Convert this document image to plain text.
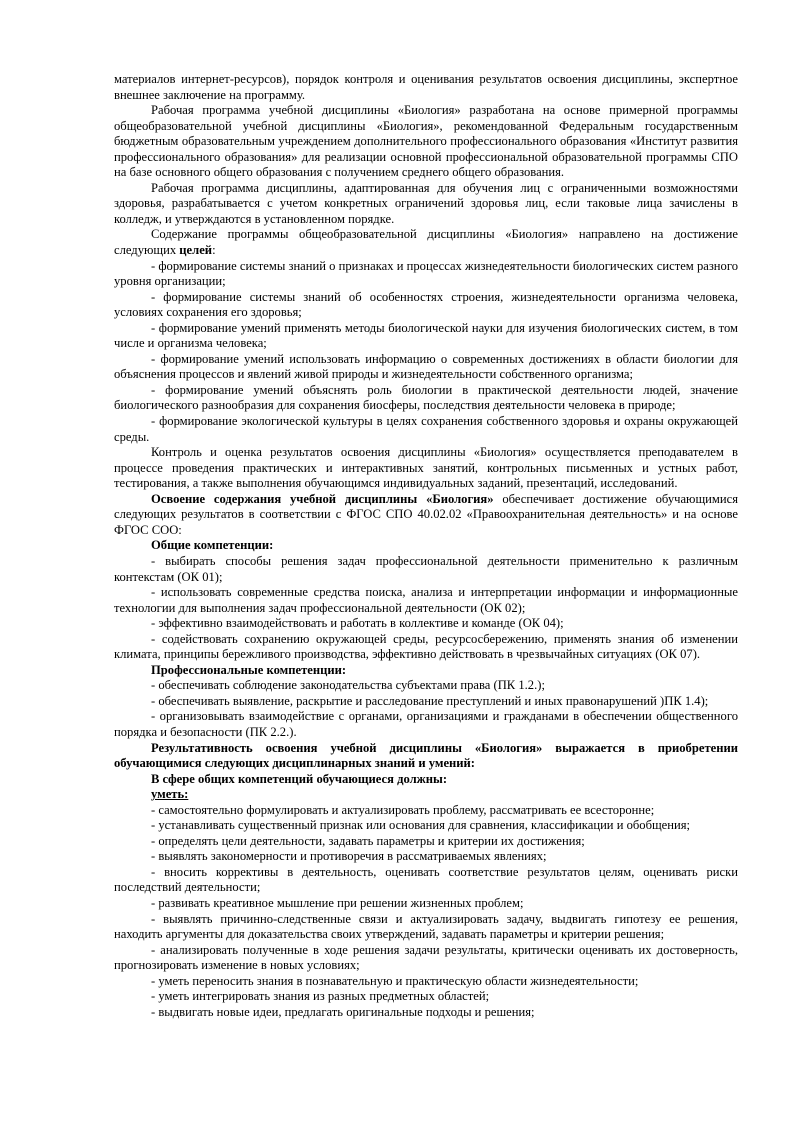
материалов интернет-ресурсов), порядок контроля и оценивания результатов освоения дисциплины, экспертное внешнее заключение на программу.

Рабочая программа учебной дисциплины «Биология» разработана на основе примерной программы общеобразовательной учебной дисциплины «Биология», рекомендованной Федеральным государственным бюджетным образовательным учреждением дополнительного профессионального образования «Институт развития профессионального образования» для реализации основной профессиональной образовательной программы СПО на базе основного общего образования с получением среднего общего образования.

Рабочая программа дисциплины, адаптированная для обучения лиц с ограниченными возможностями здоровья, разрабатывается с учетом конкретных ограничений здоровья лиц, если таковые лица зачислены в колледж, и утверждаются в установленном порядке.

Содержание программы общеобразовательной дисциплины «Биология» направлено на достижение следующих целей:

- формирование системы знаний о признаках и процессах жизнедеятельности биологических систем разного уровня организации;

- формирование системы знаний об особенностях строения, жизнедеятельности организма человека, условиях сохранения его здоровья;

- формирование умений применять методы биологической науки для изучения биологических систем, в том числе и организма человека;

- формирование умений использовать информацию о современных достижениях в области биологии для объяснения процессов и явлений живой природы и жизнедеятельности собственного организма;

- формирование умений объяснять роль биологии в практической деятельности людей, значение биологического разнообразия для сохранения биосферы, последствия деятельности человека в природе;

- формирование экологической культуры в целях сохранения собственного здоровья и охраны окружающей среды.

Контроль и оценка результатов освоения дисциплины «Биология» осуществляется преподавателем в процессе проведения практических и интерактивных занятий, контрольных письменных и устных работ, тестирования, а также выполнения обучающимся индивидуальных заданий, презентаций, исследований.

Освоение содержания учебной дисциплины «Биология» обеспечивает достижение обучающимися следующих результатов в соответствии с ФГОС СПО 40.02.02 «Правоохранительная деятельность» и на основе ФГОС СОО:

Общие компетенции:

- выбирать способы решения задач профессиональной деятельности применительно к различным контекстам (ОК 01);

- использовать современные средства поиска, анализа и интерпретации информации и информационные технологии для выполнения задач профессиональной деятельности (ОК 02);

- эффективно взаимодействовать и работать в коллективе и команде (ОК 04);

- содействовать сохранению окружающей среды, ресурсосбережению, применять знания об изменении климата, принципы бережливого производства, эффективно действовать в чрезвычайных ситуациях (ОК 07).

Профессиональные компетенции:

- обеспечивать соблюдение законодательства субъектами права (ПК 1.2.);

- обеспечивать выявление, раскрытие и расследование преступлений и иных правонарушений )ПК 1.4);

- организовывать взаимодействие с органами, организациями и гражданами в обеспечении общественного порядка и безопасности (ПК 2.2.).

Результативность освоения учебной дисциплины «Биология» выражается в приобретении обучающимися следующих дисциплинарных знаний и умений:

В сфере общих компетенций обучающиеся должны:

уметь:

- самостоятельно формулировать и актуализировать проблему, рассматривать ее всесторонне;

- устанавливать существенный признак или основания для сравнения, классификации и обобщения;

- определять цели деятельности, задавать параметры и критерии их достижения;

- выявлять закономерности и противоречия в рассматриваемых явлениях;

- вносить коррективы в деятельность, оценивать соответствие результатов целям, оценивать риски последствий деятельности;

- развивать креативное мышление при решении жизненных проблем;

- выявлять причинно-следственные связи и актуализировать задачу, выдвигать гипотезу ее решения, находить аргументы для доказательства своих утверждений, задавать параметры и критерии решения;

- анализировать полученные в ходе решения задачи результаты, критически оценивать их достоверность, прогнозировать изменение в новых условиях;

- уметь переносить знания в познавательную и практическую области жизнедеятельности;

- уметь интегрировать знания из разных предметных областей;

- выдвигать новые идеи, предлагать оригинальные подходы и решения;
